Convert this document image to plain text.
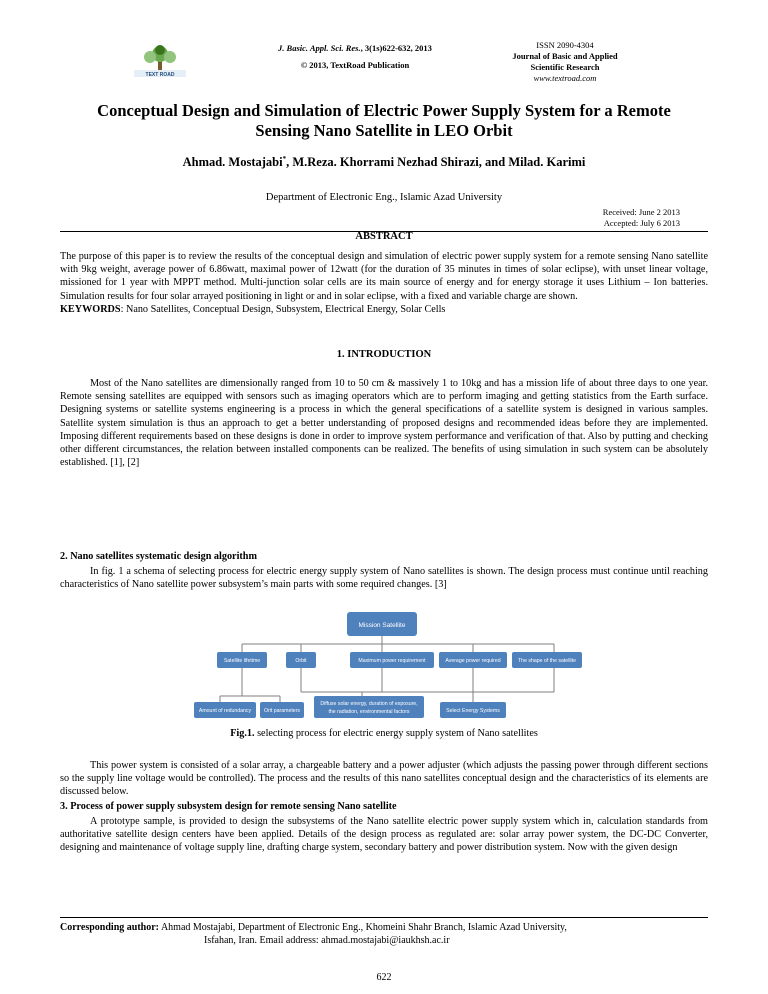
TEXT ROAD
J. Basic. Appl. Sci. Res., 3(1s)622-632, 2013
© 2013, TextRoad Publication
ISSN 2090-4304
Journal of Basic and Applied
Scientific Research
www.textroad.com
Conceptual Design and Simulation of Electric Power Supply System for a Remote Sensing Nano Satellite in LEO Orbit
Ahmad. Mostajabi*, M.Reza. Khorrami Nezhad Shirazi, and Milad. Karimi
Department of Electronic Eng., Islamic Azad University
Received: June 2 2013
Accepted: July 6 2013
ABSTRACT
The purpose of this paper is to review the results of the conceptual design and simulation of electric power supply system for a remote sensing Nano satellite with 9kg weight, average power of 6.86watt, maximal power of 12watt (for the duration of 35 minutes in times of solar eclipse), with unset linear voltage, missioned for 1 year with MPPT method. Multi-junction solar cells are its main source of energy and for energy storage it uses Lithium – Ion batteries. Simulation results for four solar arrayed positioning in light or and in solar eclipse, with a fixed and variable charge are shown.
KEYWORDS: Nano Satellites, Conceptual Design, Subsystem, Electrical Energy, Solar Cells
1. INTRODUCTION
Most of the Nano satellites are dimensionally ranged from 10 to 50 cm & massively 1 to 10kg and has a mission life of about three days to one year. Remote sensing satellites are equipped with sensors such as imaging operators which are to perform imaging and getting statistics from the Earth surface. Designing systems or satellite systems engineering is a process in which the general specifications of a satellite system is designed in various samples. Satellite system simulation is thus an approach to get a better understanding of proposed designs and recommended ideas before they are implemented. Imposing different requirements based on these designs is done in order to improve system performance and verification of that. Also by putting and checking other different circumstances, the relation between installed components can be realized. The benefits of using simulation in such system can be absolutely established. [1], [2]
2. Nano satellites systematic design algorithm
In fig. 1 a schema of selecting process for electric energy supply system of Nano satellites is shown. The design process must continue until reaching characteristics of Nano satellite power subsystem’s main parts with some required changes. [3]
Mission Satellite
Satellite lifetime	Orbit	Maximum power requirement	Average power required	The shape of the satellite
Amount of redundancy Orit parameters
Diffuse solar energy, duration of exposure,
the radiation, environmental factors	Select Energy Systems
Fig.1. selecting process for electric energy supply system of Nano satellites
This power system is consisted of a solar array, a chargeable battery and a power adjuster (which adjusts the passing power through different sections so the supply line voltage would be controlled). The process and the results of this nano satellites conceptual design and the characteristics of its elements are discussed below.
3. Process of power supply subsystem design for remote sensing Nano satellite
A prototype sample, is provided to design the subsystems of the Nano satellite electric power supply system which in, calculation standards from authoritative satellite design centers have been applied. Details of the design process as regulated are: solar array power system, the DC-DC Converter, designing and maintenance of voltage supply line, drafting charge system, secondary battery and power distribution system. Now with the given design
Corresponding author: Ahmad Mostajabi, Department of Electronic Eng., Khomeini Shahr Branch, Islamic Azad University,
Isfahan, Iran. Email address: ahmad.mostajabi@iaukhsh.ac.ir
622
